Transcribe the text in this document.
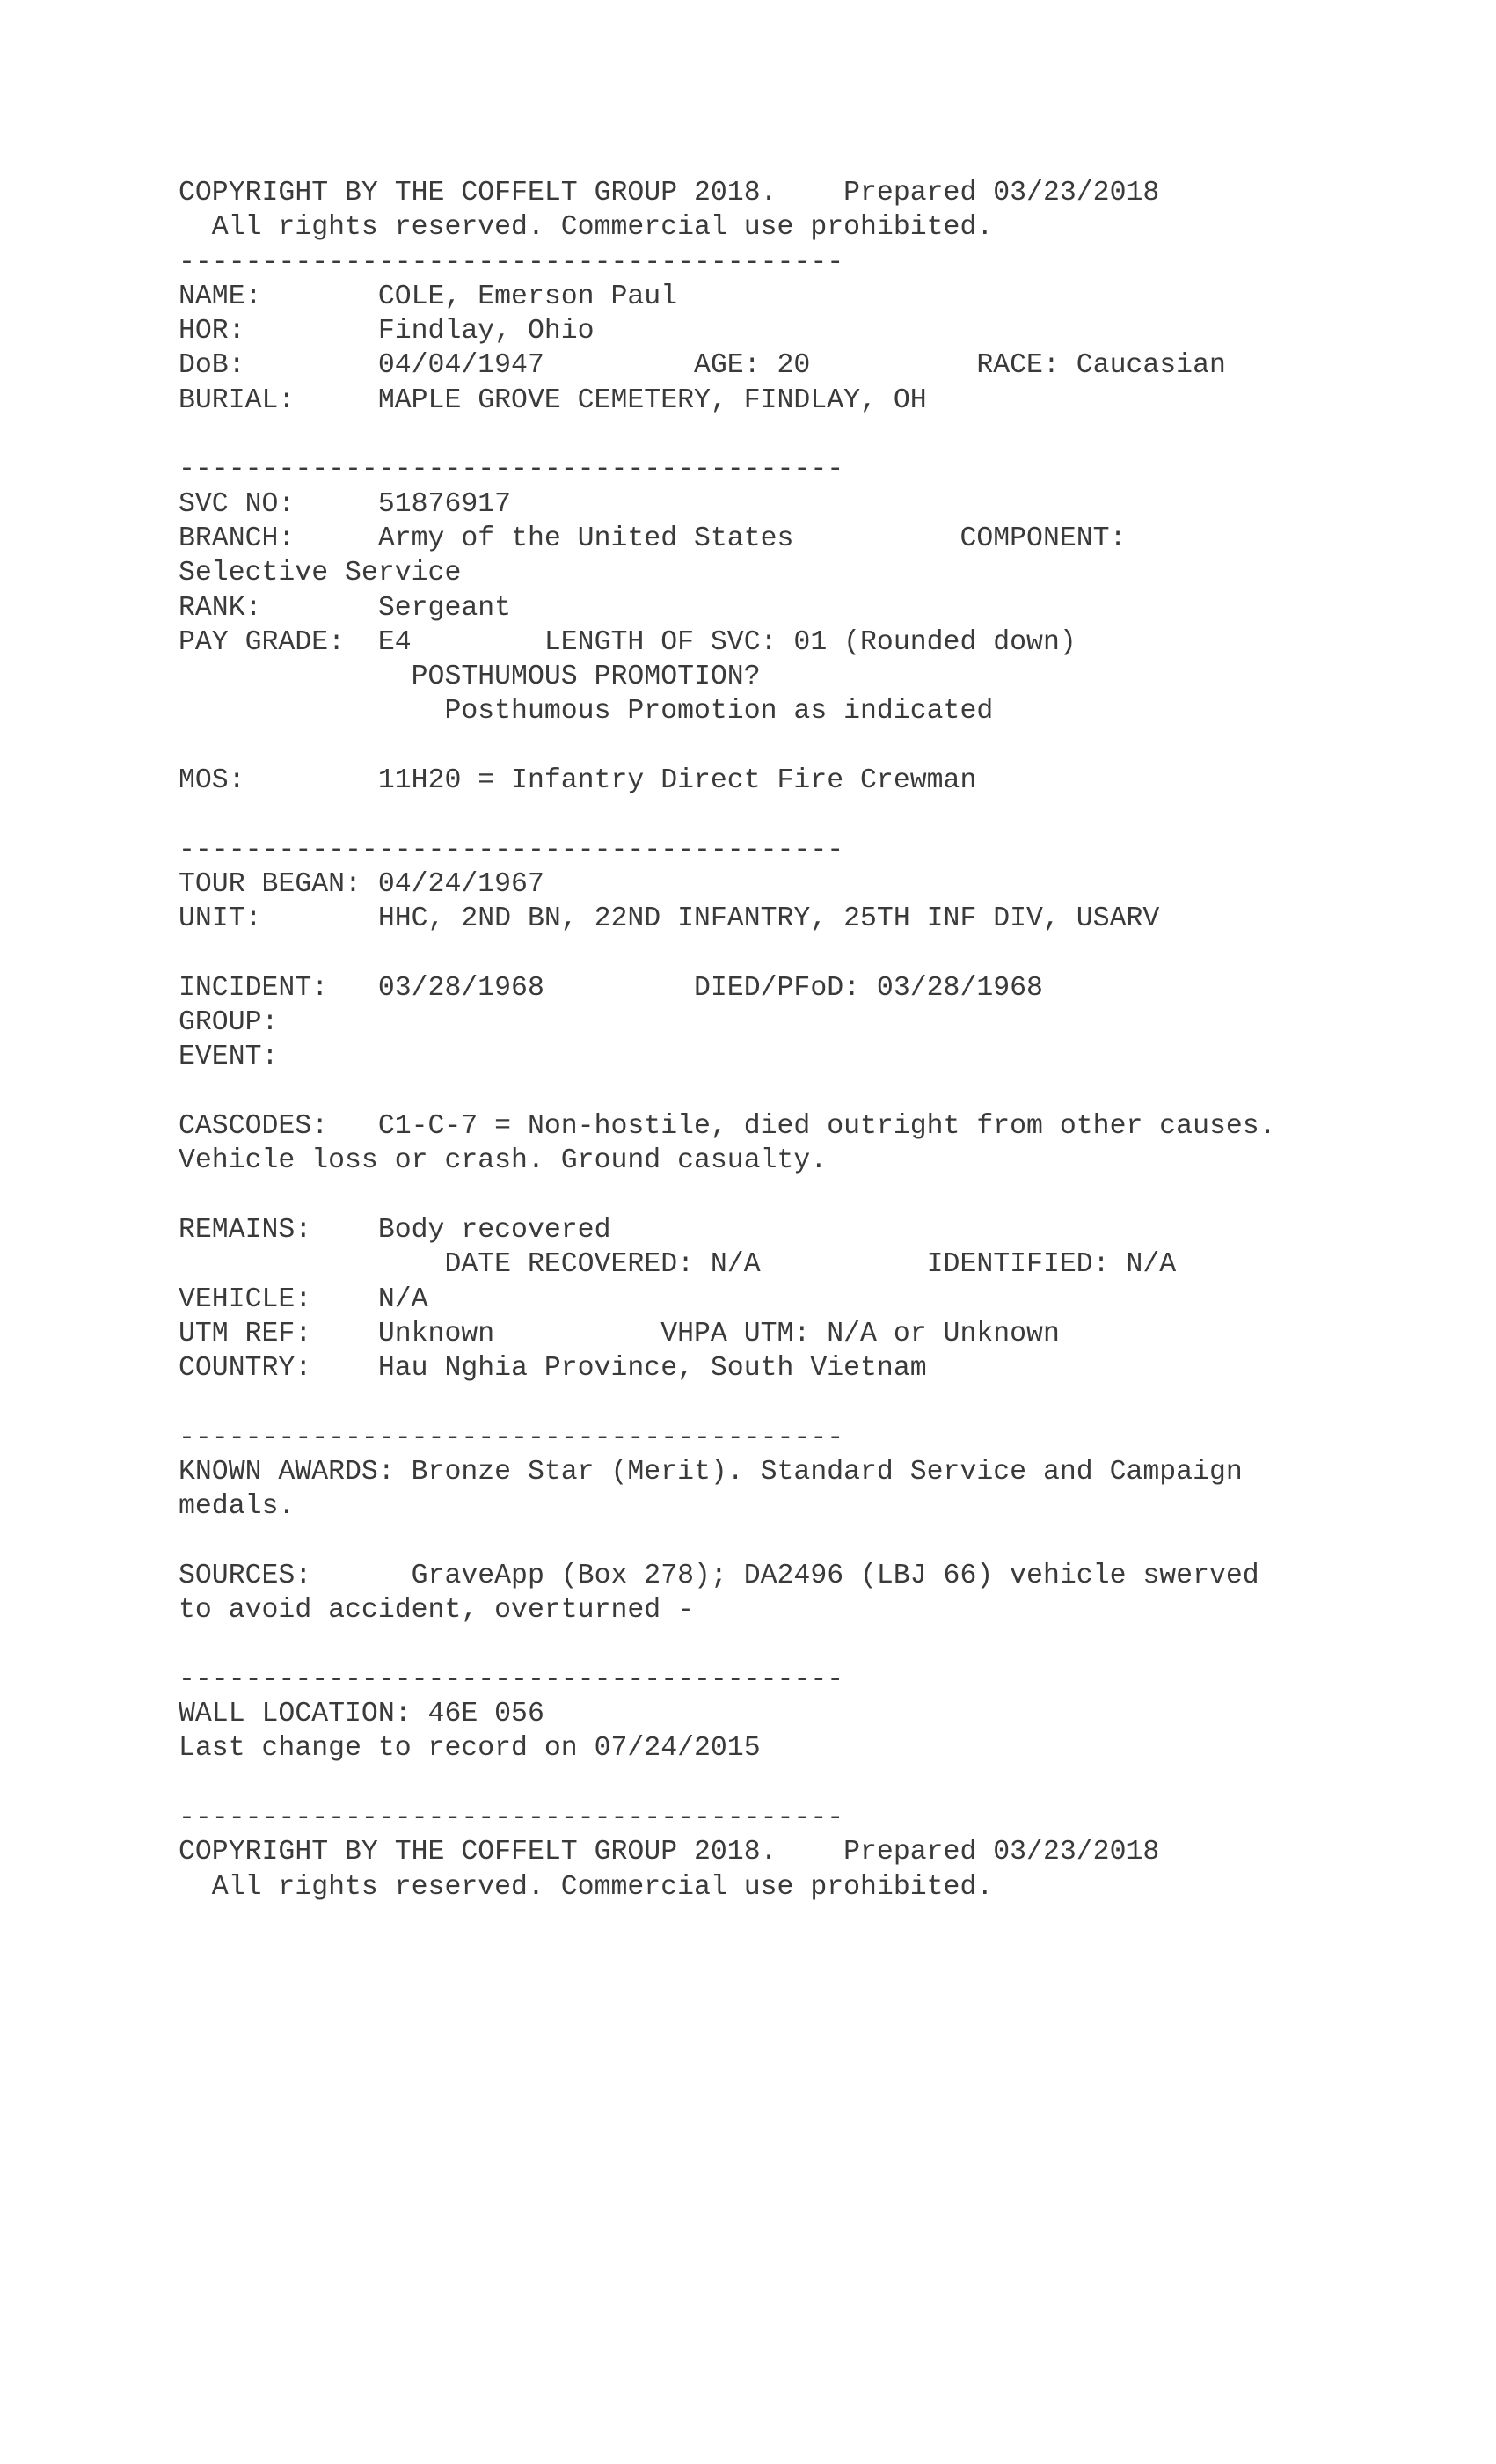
COPYRIGHT BY THE COFFELT GROUP 2018.    Prepared 03/23/2018
All rights reserved. Commercial use prohibited.
----------------------------------------
NAME:       COLE, Emerson Paul
HOR:        Findlay, Ohio
DoB:        04/04/1947         AGE: 20          RACE: Caucasian
BURIAL:     MAPLE GROVE CEMETERY, FINDLAY, OH
----------------------------------------
SVC NO:     51876917
BRANCH:     Army of the United States          COMPONENT:
Selective Service
RANK:       Sergeant
PAY GRADE:  E4        LENGTH OF SVC: 01 (Rounded down)
POSTHUMOUS PROMOTION?
Posthumous Promotion as indicated
MOS:        11H20 = Infantry Direct Fire Crewman
----------------------------------------
TOUR BEGAN: 04/24/1967
UNIT:       HHC, 2ND BN, 22ND INFANTRY, 25TH INF DIV, USARV
INCIDENT:   03/28/1968         DIED/PFoD: 03/28/1968
GROUP:
EVENT:
CASCODES:   C1-C-7 = Non-hostile, died outright from other causes.
Vehicle loss or crash. Ground casualty.
REMAINS:    Body recovered
DATE RECOVERED: N/A          IDENTIFIED: N/A
VEHICLE:    N/A
UTM REF:    Unknown          VHPA UTM: N/A or Unknown
COUNTRY:    Hau Nghia Province, South Vietnam
----------------------------------------
KNOWN AWARDS: Bronze Star (Merit). Standard Service and Campaign
medals.
SOURCES:      GraveApp (Box 278); DA2496 (LBJ 66) vehicle swerved
to avoid accident, overturned -
----------------------------------------
WALL LOCATION: 46E 056
Last change to record on 07/24/2015
----------------------------------------
COPYRIGHT BY THE COFFELT GROUP 2018.    Prepared 03/23/2018
All rights reserved. Commercial use prohibited.
